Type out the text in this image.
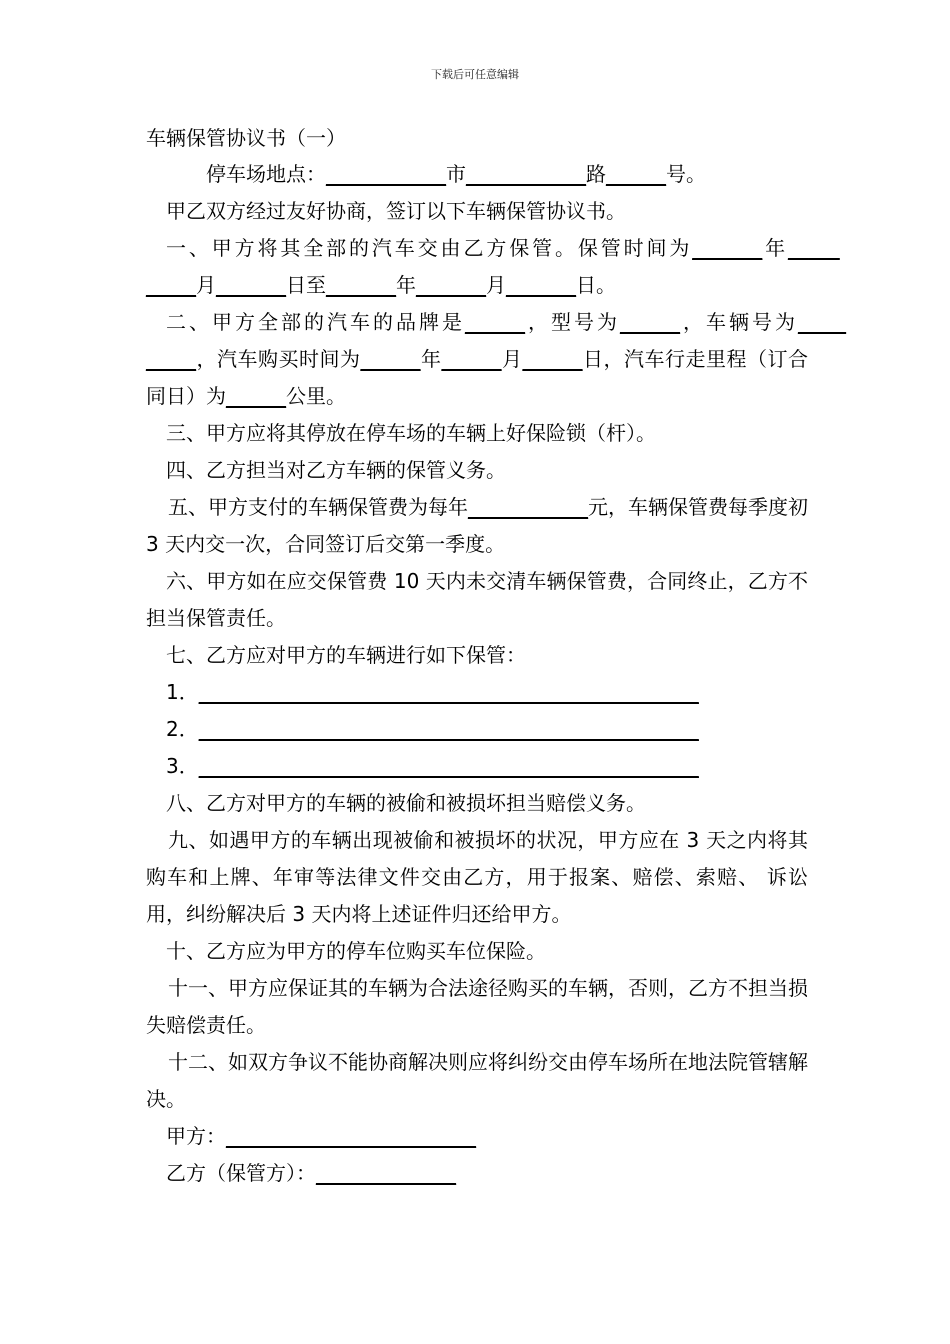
下载后可任意编辑
车辆保管协议书（一）

停车场地点：____________市____________路______号。

甲乙双方经过友好协商，签订以下车辆保管协议书。

一、甲方将其全部的汽车交由乙方保管。保管时间为_______年__     _____月_______日至_______年_______月_______日。

二、甲方全部的汽车的品牌是______，型号为______，车辆号为_      _____，汽车购买时间为______年______月______日，汽车行走里程（订合同日）为______公里。

三、甲方应将其停放在停车场的车辆上好保险锁（杆）。

四、乙方担当对乙方车辆的保管义务。

五、甲方支付的车辆保管费为每年____________元，车辆保管费每季度初 3 天内交一次，合同签订后交第一季度。

六、甲方如在应交保管费 10 天内未交清车辆保管费，合同终止，乙方不担当保管责任。

七、乙方应对甲方的车辆进行如下保管：

1．__________________________________________________

2．__________________________________________________

3．__________________________________________________

八、乙方对甲方的车辆的被偷和被损坏担当赔偿义务。

九、如遇甲方的车辆出现被偷和被损坏的状况，甲方应在 3 天之内将其购车和上牌、年审等法律文件交由乙方，用于报案、赔偿、索赔、 诉讼用，纠纷解决后 3 天内将上述证件归还给甲方。

十、乙方应为甲方的停车位购买车位保险。

十一、甲方应保证其的车辆为合法途径购买的车辆，否则，乙方不担当损失赔偿责任。

十二、如双方争议不能协商解决则应将纠纷交由停车场所在地法院管辖解决。

甲方：_________________________

乙方（保管方）：______________
